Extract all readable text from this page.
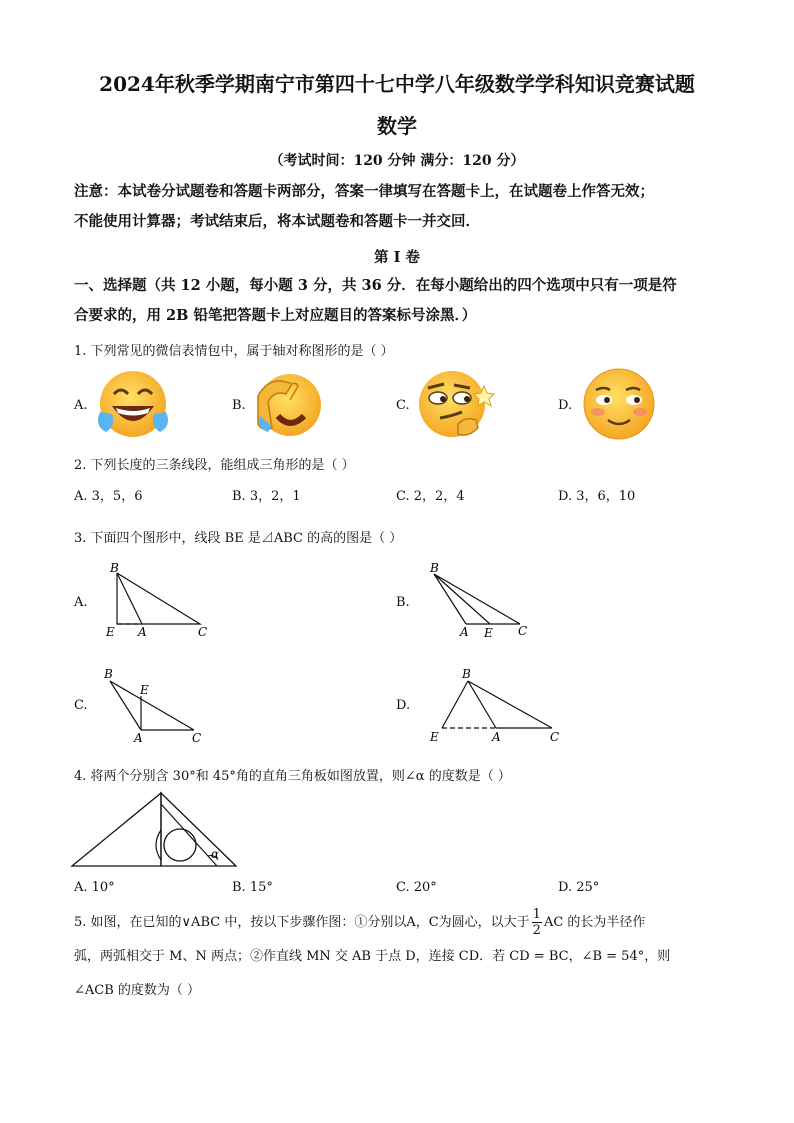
2024年秋季学期南宁市第四十七中学八年级数学学科知识竞赛试题
数学
（考试时间：120 分钟 满分：120 分）
注意：本试卷分试题卷和答题卡两部分，答案一律填写在答题卡上，在试题卷上作答无效；
不能使用计算器；考试结束后，将本试题卷和答题卡一并交回．
第 I 卷
一、选择题（共 12 小题，每小题 3 分，共 36 分．在每小题给出的四个选项中只有一项是符
合要求的，用 2B 铅笔把答题卡上对应题目的答案标号涂黑．）
1. 下列常见的微信表情包中，属于轴对称图形的是（ ）
A.	B.	C.	D.
2. 下列长度的三条线段，能组成三角形的是（ ）
A. 3，5，6	B. 3，2，1	C. 2，2，4	D. 3，6，10
3. 下面四个图形中，线段 BE 是⊿ABC 的高的图是（ ）
A.
B
E A	C
B.
B
A E C
C.
B
E
A	C
D.
B
E	A	C
4. 将两个分别含 30°和 45°角的直角三角板如图放置，则∠α 的度数是（ ）
α
A. 10°	B. 15°	C. 20°	D. 25°
5. 如图，在已知的∨ABC 中，按以下步骤作图：①分别以A，C为圆心，以大于 $\frac{1}{2}$ AC 的长为半径作
弧，两弧相交于 M、N 两点；②作直线 MN 交 AB 于点 D，连接 CD．若 CD = BC，∠B = 54°，则
∠ACB 的度数为（ ）
